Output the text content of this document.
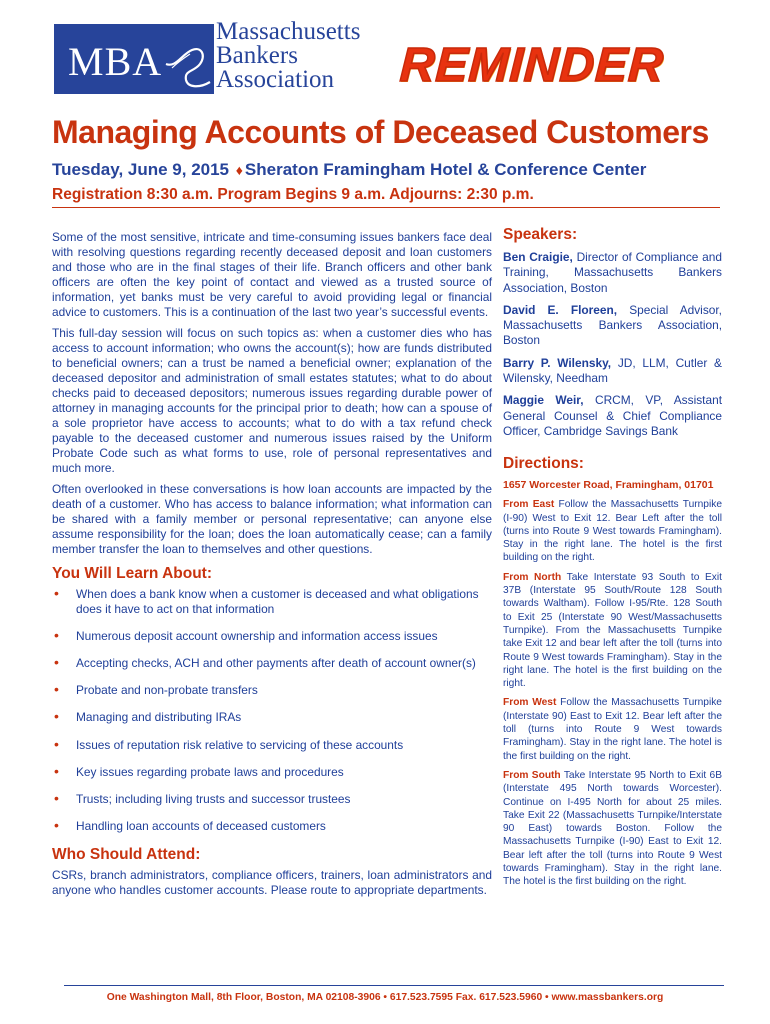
MBA
Massachusetts
Bankers
Association	REMINDER
Managing Accounts of Deceased Customers
Tuesday, June 9, 2015 ♦ Sheraton Framingham Hotel & Conference Center
Registration 8:30 a.m. Program Begins 9 a.m. Adjourns: 2:30 p.m.

Some of the most sensitive, intricate and time-consuming issues bankers face deal with resolving questions regarding recently deceased deposit and loan customers and those who are in the final stages of their life. Branch officers and other bank officers are often the key point of contact and viewed as a trusted source of information, yet banks must be very careful to avoid providing legal or financial advice to customers. This is a continuation of the last two year’s successful events.

This full-day session will focus on such topics as: when a customer dies who has access to account information; who owns the account(s); how are funds distributed to beneficial owners; can a trust be named a beneficial owner; explanation of the deceased depositor and administration of small estates statutes; what to do about checks paid to deceased depositors; numerous issues regarding durable power of attorney in managing accounts for the principal prior to death; how can a spouse of a sole proprietor have access to accounts; what to do with a tax refund check payable to the deceased customer and numerous issues raised by the Uniform Probate Code such as what forms to use, role of personal representatives and much more.

Often overlooked in these conversations is how loan accounts are impacted by the death of a customer. Who has access to balance information; what information can be shared with a family member or personal representative; can anyone else assume responsibility for the loan; does the loan automatically cease; can a family member transfer the loan to themselves and other questions.

You Will Learn About:
• When does a bank know when a customer is deceased and what obligations does it have to act on that information
• Numerous deposit account ownership and information access issues
• Accepting checks, ACH and other payments after death of account owner(s)
• Probate and non-probate transfers
• Managing and distributing IRAs
• Issues of reputation risk relative to servicing of these accounts
• Key issues regarding probate laws and procedures
• Trusts; including living trusts and successor trustees
• Handling loan accounts of deceased customers
Who Should Attend:

CSRs, branch administrators, compliance officers, trainers, loan administrators and anyone who handles customer accounts. Please route to appropriate departments.

Speakers:

Ben Craigie, Director of Compliance and Training, Massachusetts Bankers Association, Boston

David E. Floreen, Special Advisor, Massachusetts Bankers Association, Boston

Barry P. Wilensky, JD, LLM, Cutler & Wilensky, Needham

Maggie Weir, CRCM, VP, Assistant General Counsel & Chief Compliance Officer, Cambridge Savings Bank

Directions:
1657 Worcester Road, Framingham, 01701

From East Follow the Massachusetts Turnpike (I-90) West to Exit 12. Bear Left after the toll (turns into Route 9 West towards Framingham). Stay in the right lane. The hotel is the first building on the right.

From North Take Interstate 93 South to Exit 37B (Interstate 95 South/Route 128 South towards Waltham). Follow I-95/Rte. 128 South to Exit 25 (Interstate 90 West/Massachusetts Turnpike). From the Massachusetts Turnpike take Exit 12 and bear left after the toll (turns into Route 9 West towards Framingham). Stay in the right lane. The hotel is the first building on the right.

From West Follow the Massachusetts Turnpike (Interstate 90) East to Exit 12. Bear left after the toll (turns into Route 9 West towards Framingham). Stay in the right lane. The hotel is the first building on the right.

From South Take Interstate 95 North to Exit 6B (Interstate 495 North towards Worcester). Continue on I-495 North for about 25 miles. Take Exit 22 (Massachusetts Turnpike/Interstate 90 East) towards Boston. Follow the Massachusetts Turnpike (I-90) East to Exit 12. Bear left after the toll (turns into Route 9 West towards Framingham). Stay in the right lane. The hotel is the first building on the right.

One Washington Mall, 8th Floor, Boston, MA 02108-3906 • 617.523.7595 Fax. 617.523.5960 • www.massbankers.org
